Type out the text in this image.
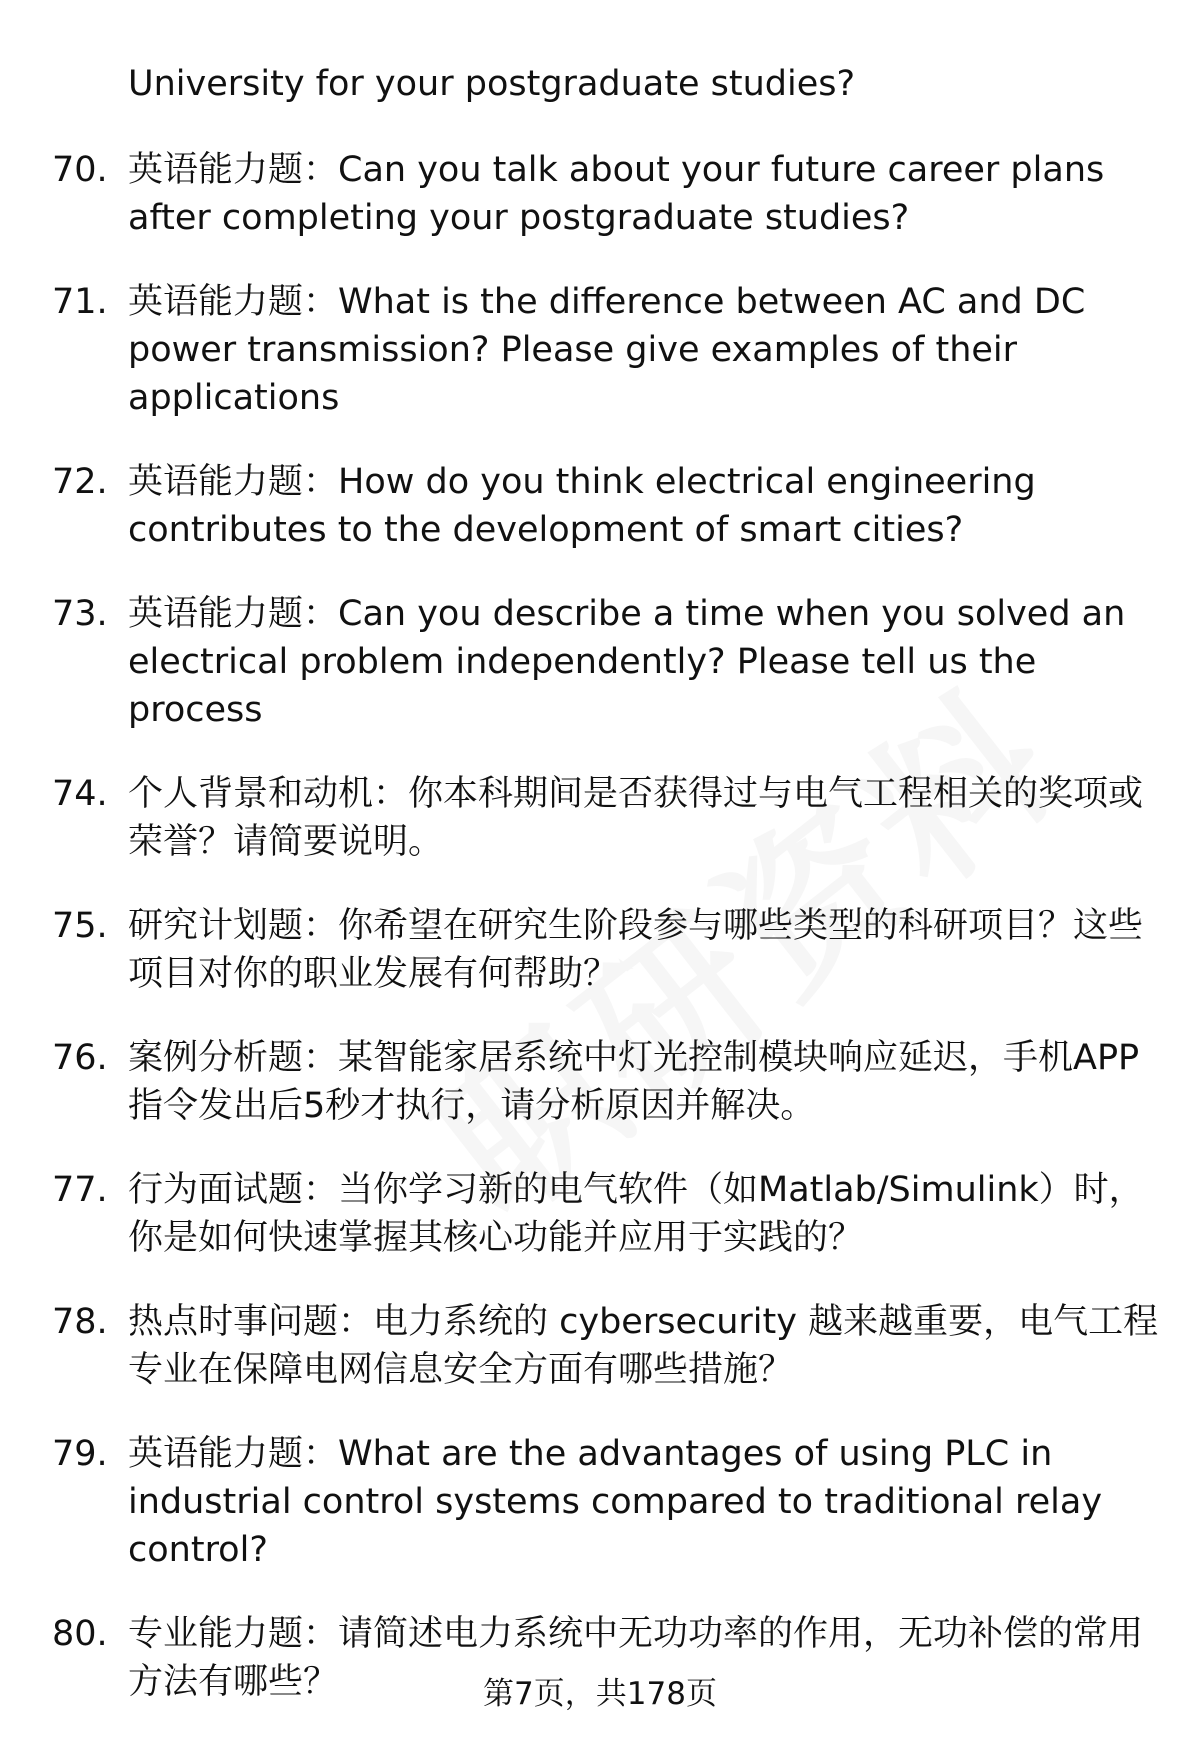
University for your postgraduate studies?
70. 英语能力题：Can you talk about your future career plans after completing your postgraduate studies?
71. 英语能力题：What is the difference between AC and DC power transmission? Please give examples of their applications
72. 英语能力题：How do you think electrical engineering contributes to the development of smart cities?
73. 英语能力题：Can you describe a time when you solved an electrical problem independently? Please tell us the process
74. 个人背景和动机：你本科期间是否获得过与电气工程相关的奖项或荣誉？请简要说明。
75. 研究计划题：你希望在研究生阶段参与哪些类型的科研项目？这些项目对你的职业发展有何帮助？
76. 案例分析题：某智能家居系统中灯光控制模块响应延迟，手机APP指令发出后5秒才执行，请分析原因并解决。
77. 行为面试题：当你学习新的电气软件（如Matlab/Simulink）时，你是如何快速掌握其核心功能并应用于实践的？
78. 热点时事问题：电力系统的 cybersecurity 越来越重要，电气工程专业在保障电网信息安全方面有哪些措施？
79. 英语能力题：What are the advantages of using PLC in industrial control systems compared to traditional relay control?
80. 专业能力题：请简述电力系统中无功功率的作用，无功补偿的常用方法有哪些？	第7页，共178页
